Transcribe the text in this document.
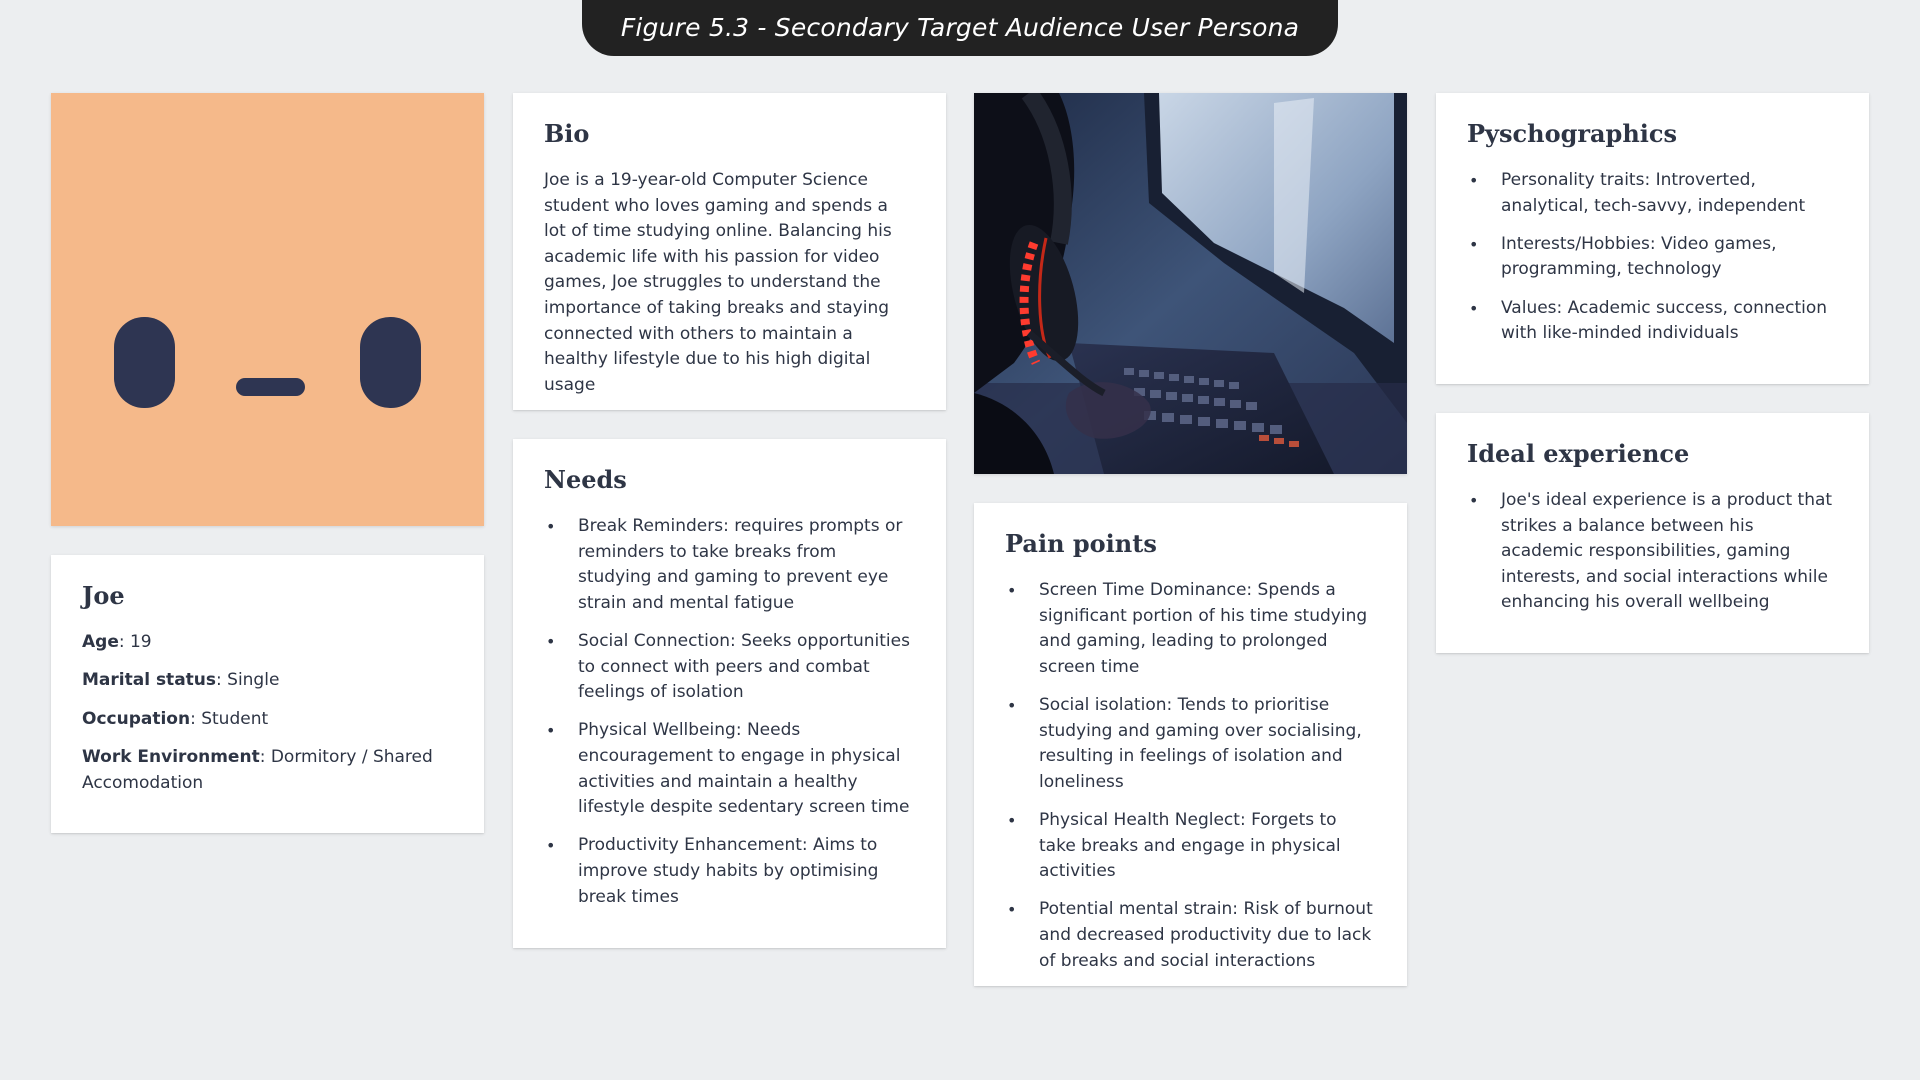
Figure 5.3 - Secondary Target Audience User Persona
Joe
Age: 19
Marital status: Single
Occupation: Student
Work Environment: Dormitory / Shared Accomodation
Bio

Joe is a 19-year-old Computer Science student who loves gaming and spends a lot of time studying online. Balancing his academic life with his passion for video games, Joe struggles to understand the importance of taking breaks and staying connected with others to maintain a healthy lifestyle due to his high digital usage

Needs
• Break Reminders: requires prompts or reminders to take breaks from studying and gaming to prevent eye strain and mental fatigue
• Social Connection: Seeks opportunities to connect with peers and combat feelings of isolation
• Physical Wellbeing: Needs encouragement to engage in physical activities and maintain a healthy lifestyle despite sedentary screen time
• Productivity Enhancement: Aims to improve study habits by optimising break times
Pain points
• Screen Time Dominance: Spends a significant portion of his time studying and gaming, leading to prolonged screen time
• Social isolation: Tends to prioritise studying and gaming over socialising, resulting in feelings of isolation and loneliness
• Physical Health Neglect: Forgets to take breaks and engage in physical activities
• Potential mental strain: Risk of burnout and decreased productivity due to lack of breaks and social interactions
Pyschographics
• Personality traits: Introverted, analytical, tech-savvy, independent
• Interests/Hobbies: Video games, programming, technology
• Values: Academic success, connection with like-minded individuals
Ideal experience
• Joe's ideal experience is a product that strikes a balance between his academic responsibilities, gaming interests, and social interactions while enhancing his overall wellbeing
